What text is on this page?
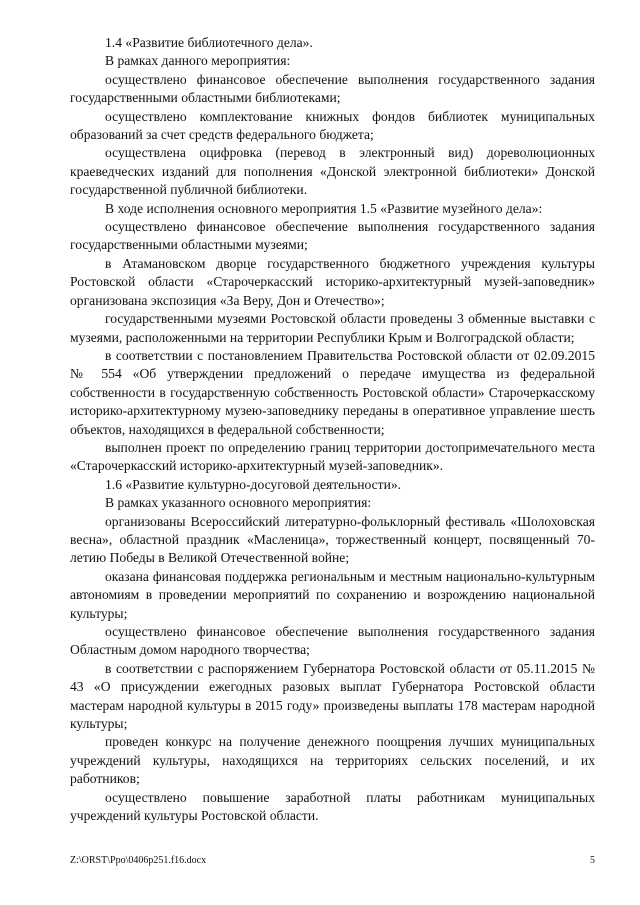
1.4 «Развитие библиотечного дела».

В рамках данного мероприятия:

осуществлено финансовое обеспечение выполнения государственного задания государственными областными библиотеками;

осуществлено комплектование книжных фондов библиотек муниципальных образований за счет средств федерального бюджета;

осуществлена оцифровка (перевод в электронный вид) дореволюционных краеведческих изданий для пополнения «Донской электронной библиотеки» Донской государственной публичной библиотеки.

В ходе исполнения основного мероприятия 1.5 «Развитие музейного дела»:

осуществлено финансовое обеспечение выполнения государственного задания государственными областными музеями;

в Атамановском дворце государственного бюджетного учреждения культуры Ростовской области «Старочеркасский историко-архитектурный музей-заповедник» организована экспозиция «За Веру, Дон и Отечество»;

государственными музеями Ростовской области проведены 3 обменные выставки с музеями, расположенными на территории Республики Крым и Волгоградской области;

в соответствии с постановлением Правительства Ростовской области от 02.09.2015 № 554 «Об утверждении предложений о передаче имущества из федеральной собственности в государственную собственность Ростовской области» Старочеркасскому историко-архитектурному музею-заповеднику переданы в оперативное управление шесть объектов, находящихся в федеральной собственности;

выполнен проект по определению границ территории достопримечательного места «Старочеркасский историко-архитектурный музей-заповедник».

1.6 «Развитие культурно-досуговой деятельности».

В рамках указанного основного мероприятия:

организованы Всероссийский литературно-фольклорный фестиваль «Шолоховская весна», областной праздник «Масленица», торжественный концерт, посвященный 70-летию Победы в Великой Отечественной войне;

оказана финансовая поддержка региональным и местным национально-культурным автономиям в проведении мероприятий по сохранению и возрождению национальной культуры;

осуществлено финансовое обеспечение выполнения государственного задания Областным домом народного творчества;

в соответствии с распоряжением Губернатора Ростовской области от 05.11.2015 № 43 «О присуждении ежегодных разовых выплат Губернатора Ростовской области мастерам народной культуры в 2015 году» произведены выплаты 178 мастерам народной культуры;

проведен конкурс на получение денежного поощрения лучших муниципальных учреждений культуры, находящихся на территориях сельских поселений, и их работников;

осуществлено повышение заработной платы работникам муниципальных учреждений культуры Ростовской области.

Z:\ORST\Ppo\0406p251.f16.docx	5
